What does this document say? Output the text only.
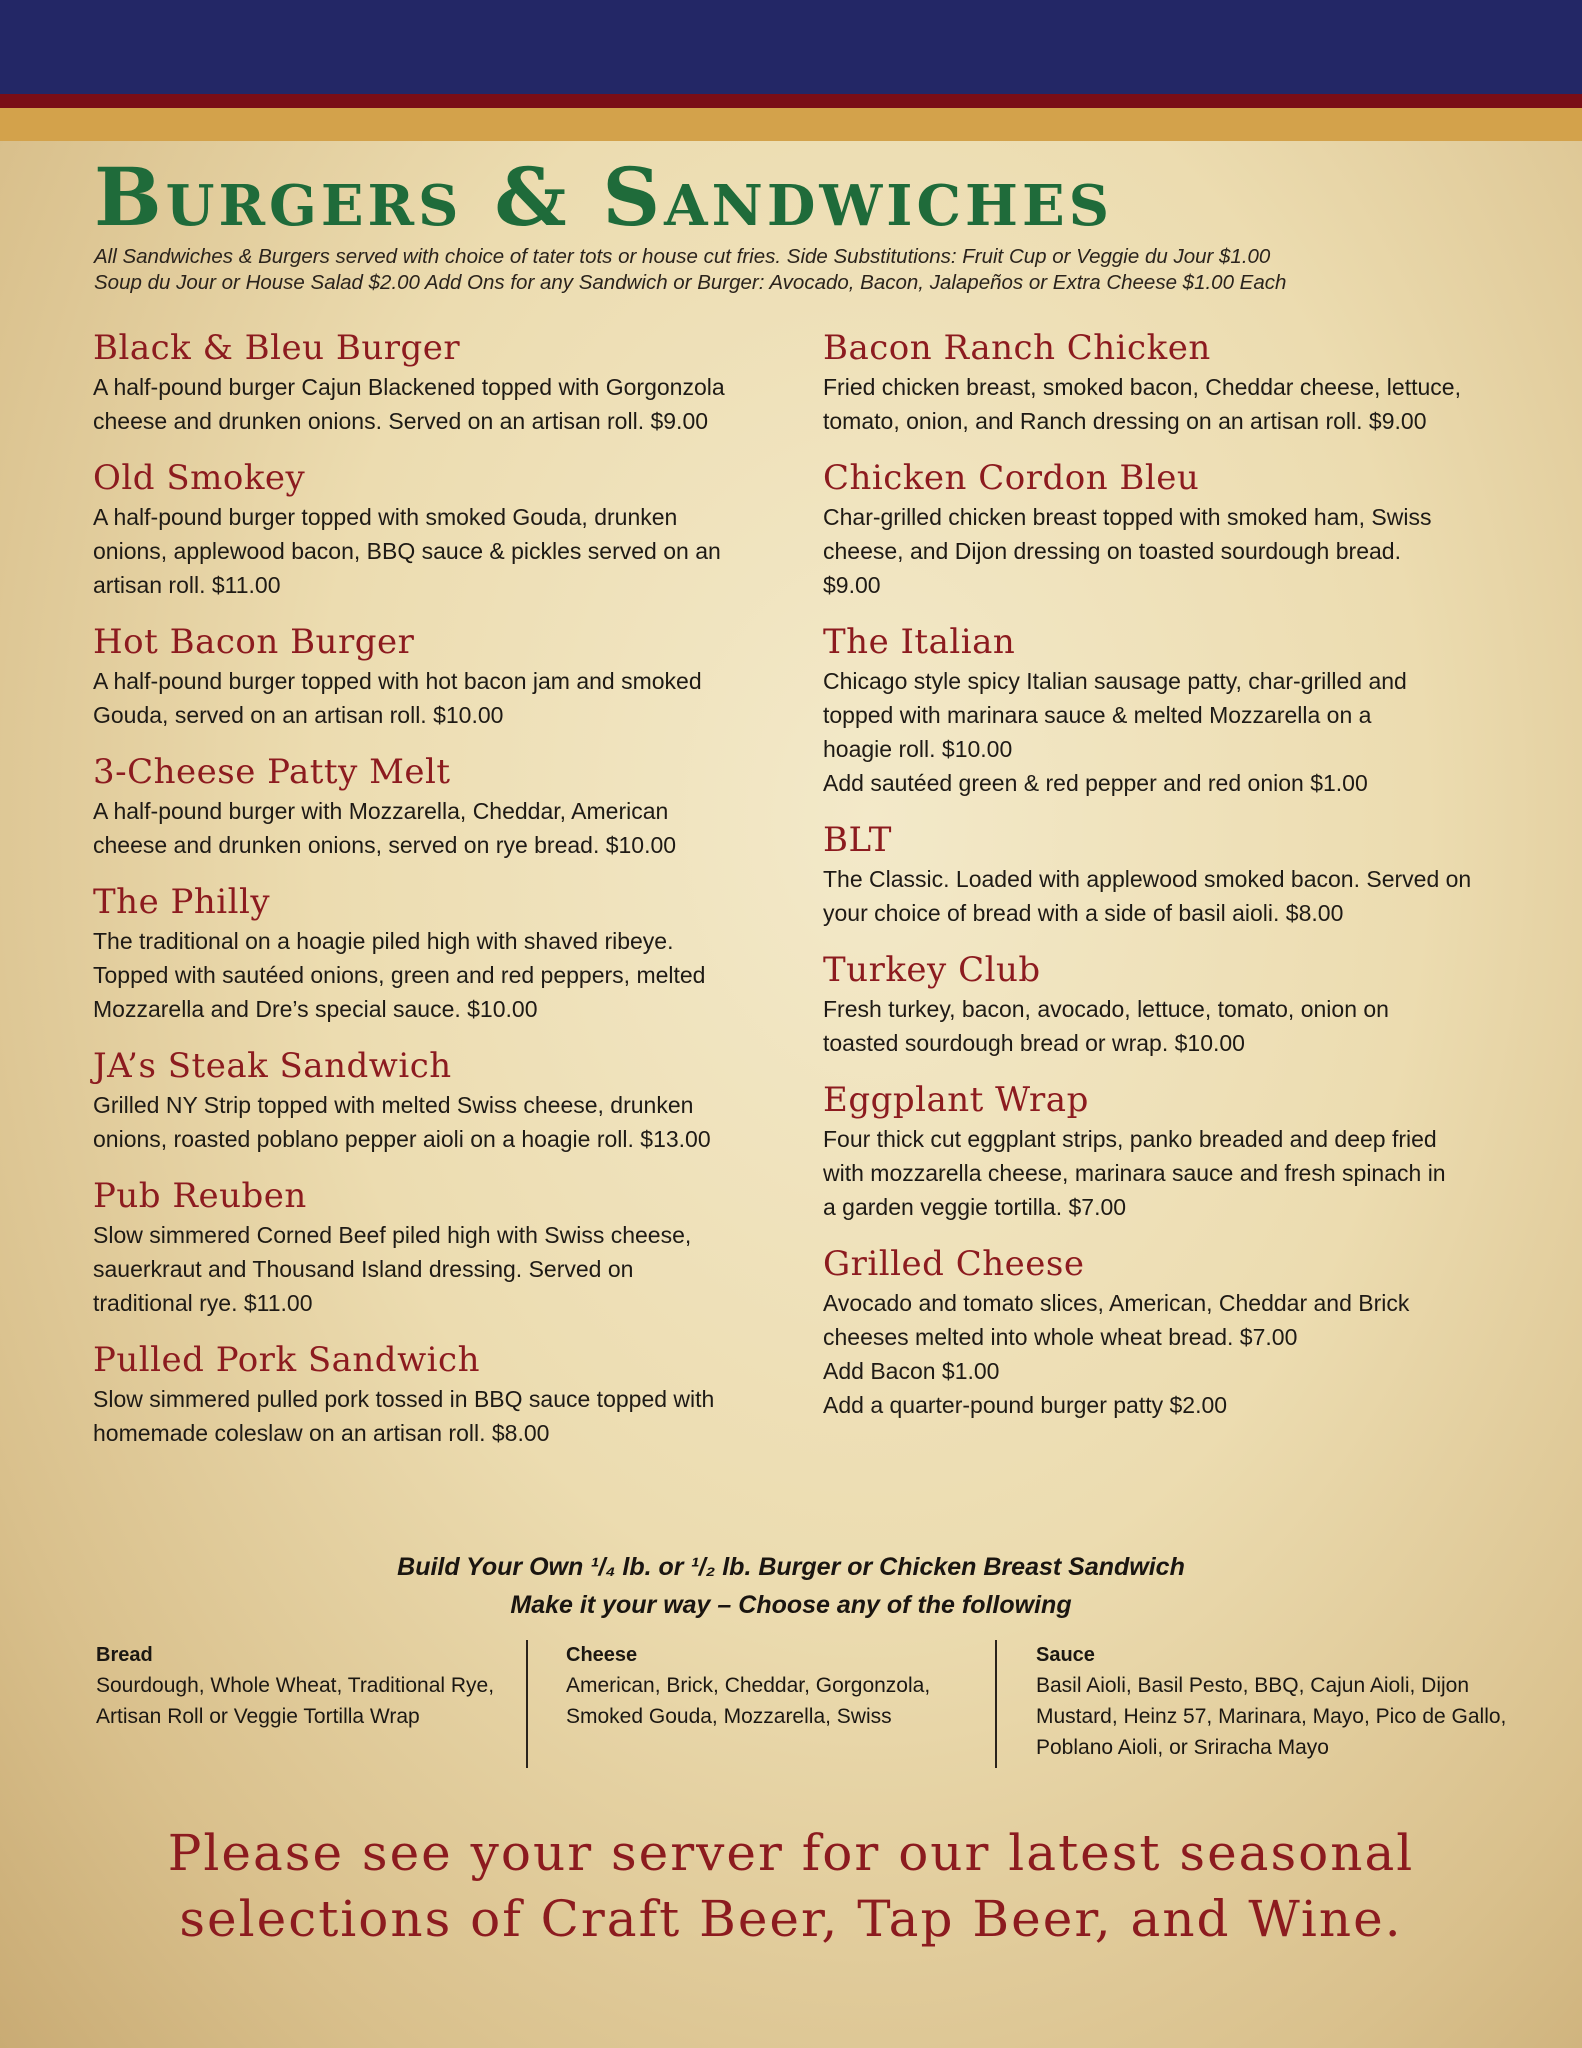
Burgers & Sandwiches
All Sandwiches & Burgers served with choice of tater tots or house cut fries. Side Substitutions: Fruit Cup or Veggie du Jour $1.00
Soup du Jour or House Salad $2.00 Add Ons for any Sandwich or Burger: Avocado, Bacon, Jalapeños or Extra Cheese $1.00 Each
Black & Bleu Burger
A half-pound burger Cajun Blackened topped with Gorgonzola
cheese and drunken onions. Served on an artisan roll. $9.00
Old Smokey
A half-pound burger topped with smoked Gouda, drunken
onions, applewood bacon, BBQ sauce & pickles served on an
artisan roll. $11.00
Hot Bacon Burger
A half-pound burger topped with hot bacon jam and smoked
Gouda, served on an artisan roll. $10.00
3-Cheese Patty Melt
A half-pound burger with Mozzarella, Cheddar, American
cheese and drunken onions, served on rye bread. $10.00
The Philly
The traditional on a hoagie piled high with shaved ribeye.
Topped with sautéed onions, green and red peppers, melted
Mozzarella and Dre’s special sauce. $10.00
JA’s Steak Sandwich
Grilled NY Strip topped with melted Swiss cheese, drunken
onions, roasted poblano pepper aioli on a hoagie roll. $13.00
Pub Reuben
Slow simmered Corned Beef piled high with Swiss cheese,
sauerkraut and Thousand Island dressing. Served on
traditional rye. $11.00
Pulled Pork Sandwich
Slow simmered pulled pork tossed in BBQ sauce topped with
homemade coleslaw on an artisan roll. $8.00
Bacon Ranch Chicken
Fried chicken breast, smoked bacon, Cheddar cheese, lettuce,
tomato, onion, and Ranch dressing on an artisan roll. $9.00
Chicken Cordon Bleu
Char-grilled chicken breast topped with smoked ham, Swiss
cheese, and Dijon dressing on toasted sourdough bread.
$9.00
The Italian
Chicago style spicy Italian sausage patty, char-grilled and
topped with marinara sauce & melted Mozzarella on a
hoagie roll. $10.00
Add sautéed green & red pepper and red onion $1.00
BLT
The Classic. Loaded with applewood smoked bacon. Served on
your choice of bread with a side of basil aioli. $8.00
Turkey Club
Fresh turkey, bacon, avocado, lettuce, tomato, onion on
toasted sourdough bread or wrap. $10.00
Eggplant Wrap
Four thick cut eggplant strips, panko breaded and deep fried
with mozzarella cheese, marinara sauce and fresh spinach in
a garden veggie tortilla. $7.00
Grilled Cheese
Avocado and tomato slices, American, Cheddar and Brick
cheeses melted into whole wheat bread. $7.00
Add Bacon $1.00
Add a quarter-pound burger patty $2.00
Build Your Own ¹/₄ lb. or ¹/₂ lb. Burger or Chicken Breast Sandwich
Make it your way – Choose any of the following
Bread
Sourdough, Whole Wheat, Traditional Rye,
Artisan Roll or Veggie Tortilla Wrap
Cheese
American, Brick, Cheddar, Gorgonzola,
Smoked Gouda, Mozzarella, Swiss
Sauce
Basil Aioli, Basil Pesto, BBQ, Cajun Aioli, Dijon
Mustard, Heinz 57, Marinara, Mayo, Pico de Gallo,
Poblano Aioli, or Sriracha Mayo
Please see your server for our latest seasonal
selections of Craft Beer, Tap Beer, and Wine.
